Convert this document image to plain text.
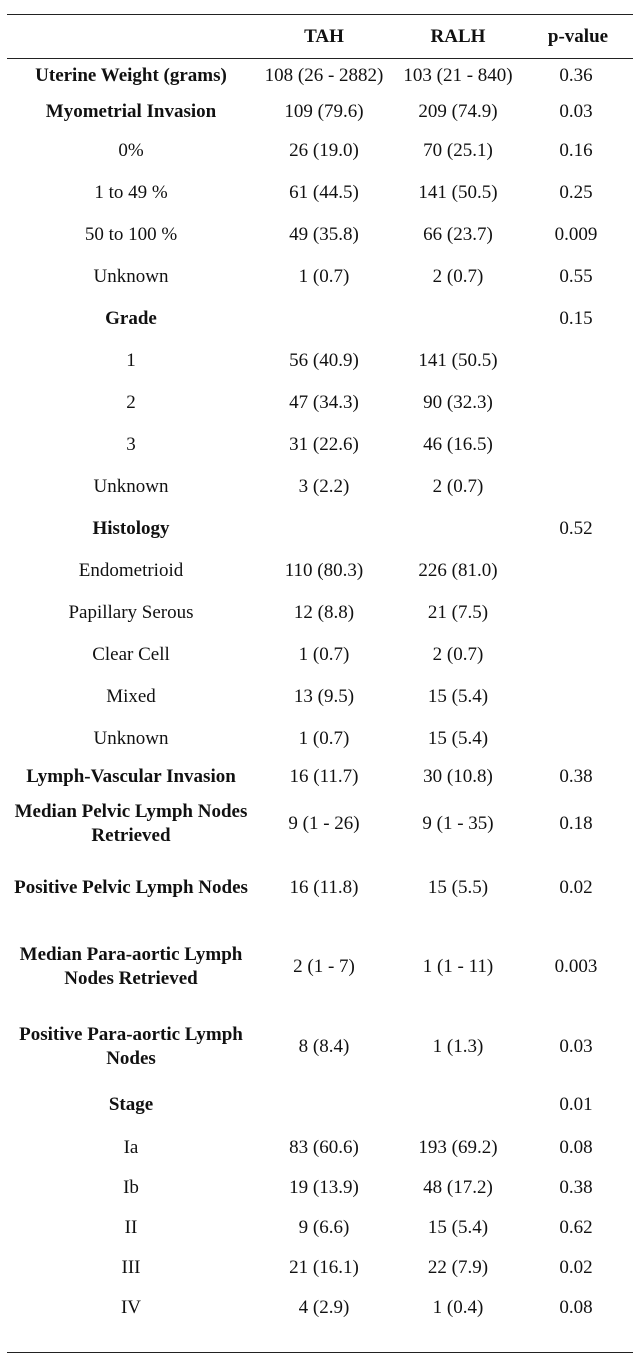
	TAH	RALH	p-value
Uterine Weight (grams)	108 (26 - 2882)	103 (21 - 840)	0.36
Myometrial Invasion	109 (79.6)	209 (74.9)	0.03
0%	26 (19.0)	70 (25.1)	0.16
1 to 49 %	61 (44.5)	141 (50.5)	0.25
50 to 100 %	49 (35.8)	66 (23.7)	0.009
Unknown	1 (0.7)	2 (0.7)	0.55
Grade			0.15
1	56 (40.9)	141 (50.5)	
2	47 (34.3)	90 (32.3)	
3	31 (22.6)	46 (16.5)	
Unknown	3 (2.2)	2 (0.7)	
Histology			0.52
Endometrioid	110 (80.3)	226 (81.0)	
Papillary Serous	12 (8.8)	21 (7.5)	
Clear Cell	1 (0.7)	2 (0.7)	
Mixed	13 (9.5)	15 (5.4)	
Unknown	1 (0.7)	15 (5.4)	
Lymph-Vascular Invasion	16 (11.7)	30 (10.8)	0.38
Median Pelvic Lymph Nodes Retrieved	9 (1 - 26)	9 (1 - 35)	0.18
Positive Pelvic Lymph Nodes	16 (11.8)	15 (5.5)	0.02
Median Para-aortic Lymph Nodes Retrieved	2 (1 - 7)	1 (1 - 11)	0.003
Positive Para-aortic Lymph Nodes	8 (8.4)	1 (1.3)	0.03
Stage			0.01
Ia	83 (60.6)	193 (69.2)	0.08
Ib	19 (13.9)	48 (17.2)	0.38
II	9 (6.6)	15 (5.4)	0.62
III	21 (16.1)	22 (7.9)	0.02
IV	4 (2.9)	1 (0.4)	0.08
